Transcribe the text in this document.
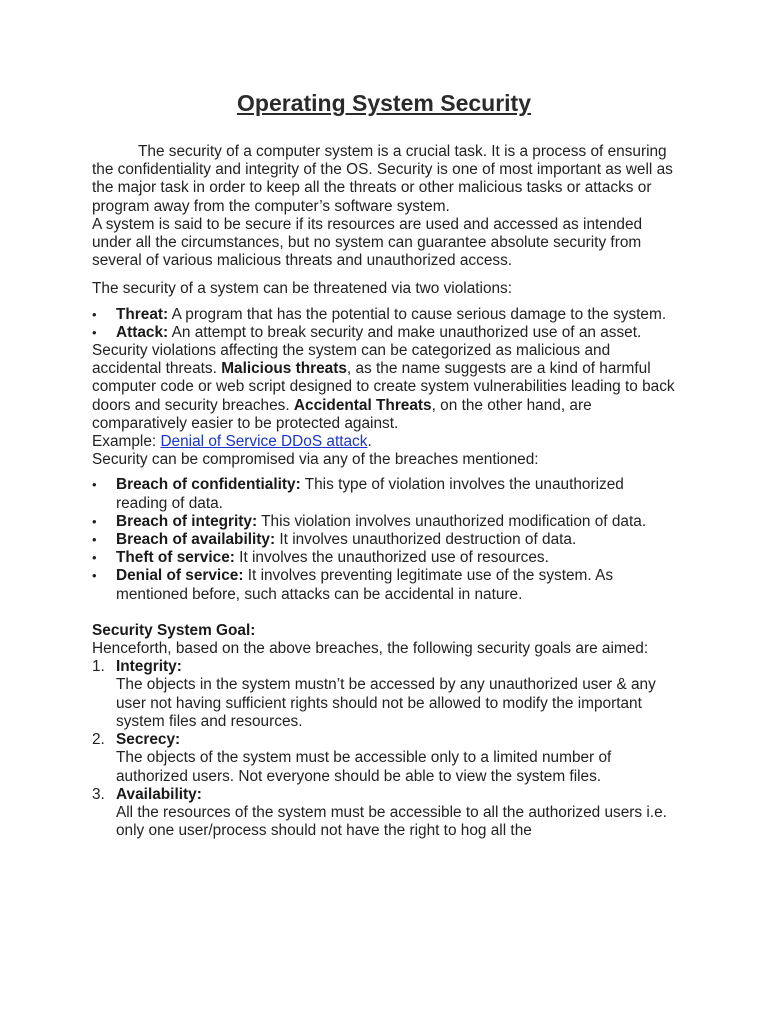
Operating System Security

The security of a computer system is a crucial task. It is a process of ensuring the confidentiality and integrity of the OS. Security is one of most important as well as the major task in order to keep all the threats or other malicious tasks or attacks or program away from the computer’s software system.

A system is said to be secure if its resources are used and accessed as intended under all the circumstances, but no system can guarantee absolute security from several of various malicious threats and unauthorized access.

The security of a system can be threatened via two violations:

• Threat: A program that has the potential to cause serious damage to the system.
• Attack: An attempt to break security and make unauthorized use of an asset.

Security violations affecting the system can be categorized as malicious and accidental threats. Malicious threats, as the name suggests are a kind of harmful computer code or web script designed to create system vulnerabilities leading to back doors and security breaches. Accidental Threats, on the other hand, are comparatively easier to be protected against.

Example: Denial of Service DDoS attack.

Security can be compromised via any of the breaches mentioned:

• Breach of confidentiality: This type of violation involves the unauthorized reading of data.
• Breach of integrity: This violation involves unauthorized modification of data.
• Breach of availability: It involves unauthorized destruction of data.
• Theft of service: It involves the unauthorized use of resources.
• Denial of service: It involves preventing legitimate use of the system. As mentioned before, such attacks can be accidental in nature.

Security System Goal:

Henceforth, based on the above breaches, the following security goals are aimed:

1. Integrity:

The objects in the system mustn’t be accessed by any unauthorized user & any user not having sufficient rights should not be allowed to modify the important system files and resources.

2. Secrecy:

The objects of the system must be accessible only to a limited number of authorized users. Not everyone should be able to view the system files.

3. Availability:

All the resources of the system must be accessible to all the authorized users i.e. only one user/process should not have the right to hog all the
